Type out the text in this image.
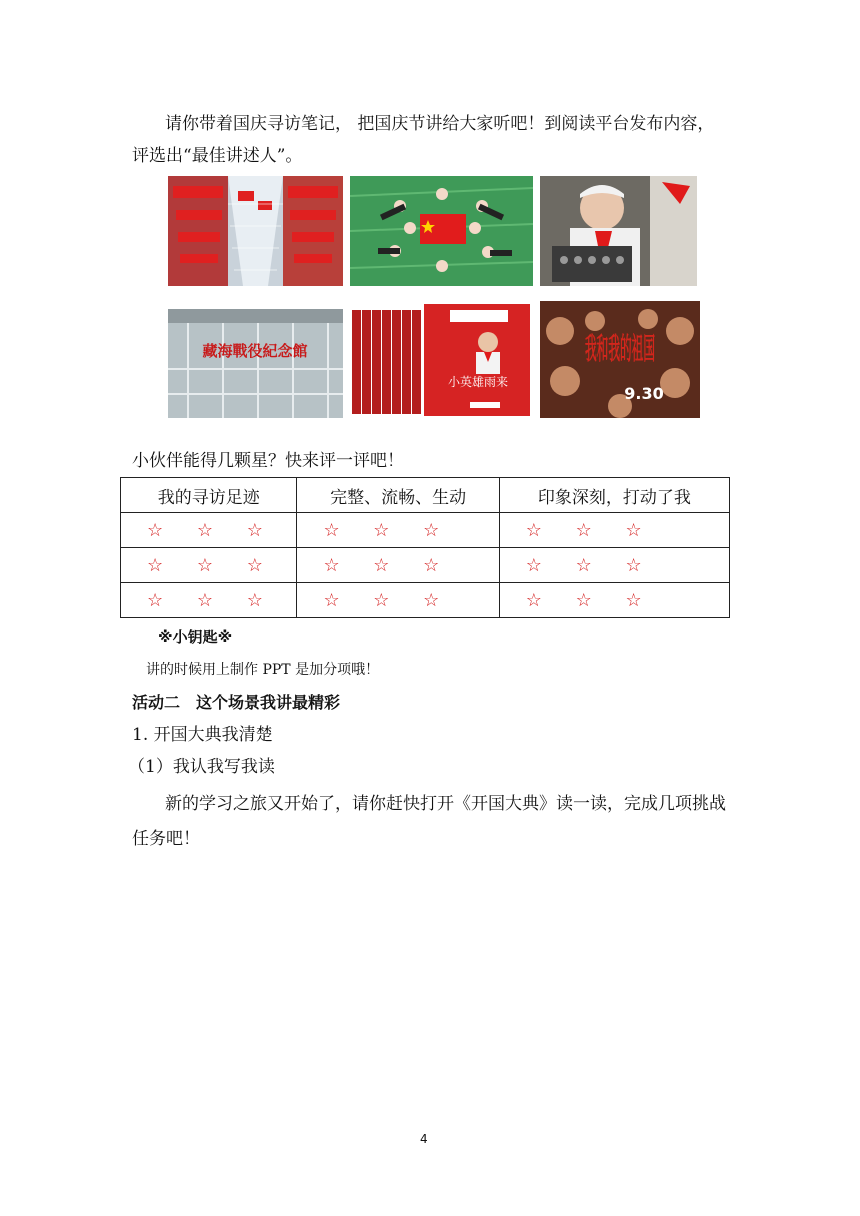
请你带着国庆寻访笔记， 把国庆节讲给大家听吧！到阅读平台发布内容，

评选出“最佳讲述人”。

藏海戰役紀念館
小英雄雨来
我和我的祖国
9.30

小伙伴能得几颗星？快来评一评吧！

我的寻访足迹	完整、流畅、生动	印象深刻，打动了我
☆ ☆ ☆	☆ ☆ ☆	☆ ☆ ☆
☆ ☆ ☆	☆ ☆ ☆	☆ ☆ ☆
☆ ☆ ☆	☆ ☆ ☆	☆ ☆ ☆

※小钥匙※

讲的时候用上制作 PPT 是加分项哦！

活动二　这个场景我讲最精彩

1. 开国大典我清楚

（1）我认我写我读

新的学习之旅又开始了，请你赶快打开《开国大典》读一读，完成几项挑战

任务吧！

4
